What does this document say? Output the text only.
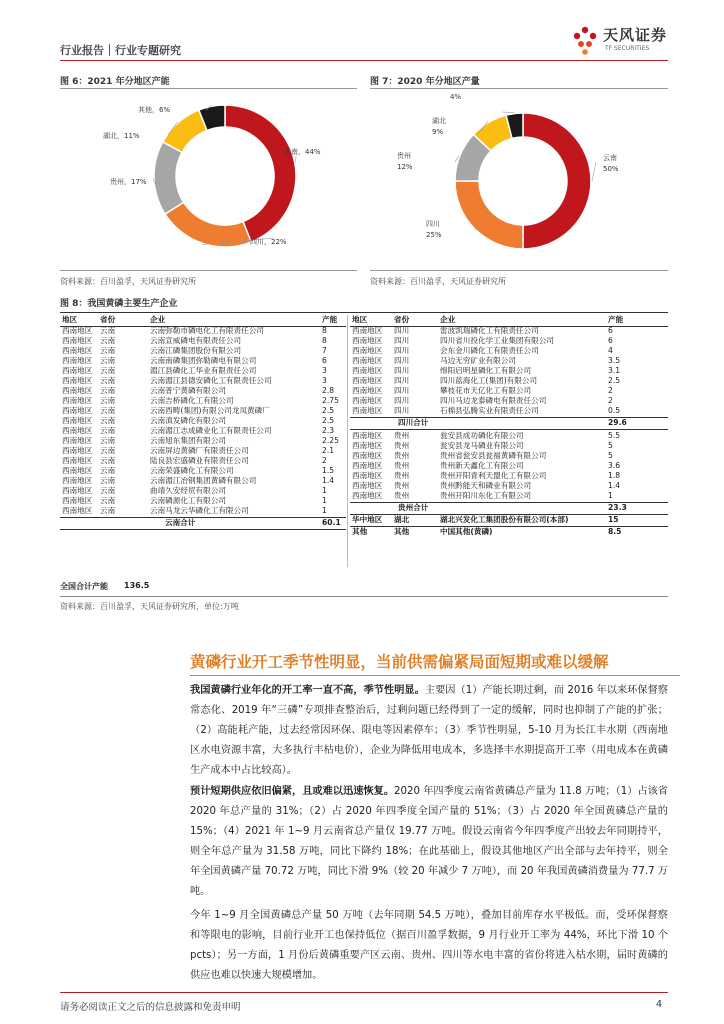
行业报告｜行业专题研究
天风证券
TF SECURITIES
图 6：2021 年分地区产能
云南，44%
四川，22%
贵州，17%
湖北，11%
其他，6%
资料来源：百川盈孚，天风证券研究所
图 7：2020 年分地区产量
云南
50%
四川
25%
贵州
12%
湖北
9%
4%
资料来源：百川盈孚，天风证券研究所
图 8：我国黄磷主要生产企业
地区	省份	企业	产能
西南地区 云南	云南弥勒市磷电化工有限责任公司	8
西南地区 云南	云南宣威磷电有限责任公司	8
西南地区 云南	云南江磷集团股份有限公司	7
西南地区 云南	云南南磷集团弥勒磷电有限公司	6
西南地区 云南	湄江县磷化工华业有限责任公司	3
西南地区 云南	云南湄江县德安磷化工有限责任公司	3
西南地区 云南	云南普宁黄磷有限公司	2.8
西南地区 云南	云南吉桥磷化工有限公司	2.75
西南地区 云南	云南西畴(集团)有限公司龙凤黄磷厂	2.5
西南地区 云南	云南滇发磷化有限公司	2.5
西南地区 云南	云南湄江志成磷业化工有限责任公司	2.3
西南地区 云南	云南旭东集团有限公司	2.25
西南地区 云南	云南屏边黄磷厂有限责任公司	2.1
西南地区 云南	陆良县宏盛磷业有限责任公司	2
西南地区 云南	云南荣盛磷化工有限公司	1.5
西南地区 云南	云南湄江冶钢集团黄磷有限公司	1.4
西南地区 云南	曲靖久安经贸有限公司	1
西南地区 云南	云南磷源化工有限公司	1
西南地区 云南	云南马龙云华磷化工有限公司	1
云南合计	60.1
地区	省份	企业	产能
西南地区 四川	雷波凯瑞磷化工有限责任公司	6
西南地区 四川	四川省川投化学工业集团有限公司	6
西南地区 四川	会东金川磷化工有限责任公司	4
西南地区 四川	马边无穷矿业有限公司	3.5
西南地区 四川	绵阳启明星磷化工有限公司	3.1
西南地区 四川	四川蓝海化工(集团)有限公司	2.5
西南地区 四川	攀枝花市天亿化工有限公司	2
西南地区 四川	四川马边龙泰磷电有限责任公司	2
西南地区 四川	石棉县弘腾实业有限责任公司	0.5
四川合计	29.6
西南地区 贵州	瓮安县成功磷化有限公司	5.5
西南地区 贵州	瓮安县龙马磷业有限公司	5
西南地区 贵州	贵州省瓮安县瓮福黄磷有限公司	5
西南地区 贵州	贵州新天鑫化工有限公司	3.6
西南地区 贵州	贵州开阳青利天盟化工有限公司	1.8
西南地区 贵州	贵州黔能天和磷业有限公司	1.4
西南地区 贵州	贵州开阳川东化工有限公司	1
贵州合计	23.3
华中地区 湖北	湖北兴发化工集团股份有限公司(本部)	15
其他	其他	中国其他(黄磷)	8.5
全国合计产能 136.5
资料来源：百川盈孚，天风证券研究所，单位:万吨
黄磷行业开工季节性明显，当前供需偏紧局面短期或难以缓解
我国黄磷行业年化的开工率一直不高，季节性明显。主要因（1）产能长期过剩，而 2016 年以来环保督察常态化、2019 年“三磷”专项排查整治后，过剩问题已经得到了一定的缓解，同时也抑制了产能的扩张；（2）高能耗产能，过去经常因环保、限电等因素停车；（3）季节性明显，5-10 月为长江丰水期（西南地区水电资源丰富，大多执行丰枯电价），企业为降低用电成本，多选择丰水期提高开工率（用电成本在黄磷生产成本中占比较高）。
预计短期供应依旧偏紧，且或难以迅速恢复。2020 年四季度云南省黄磷总产量为 11.8 万吨；（1）占该省 2020 年总产量的 31%；（2）占 2020 年四季度全国产量的 51%；（3）占 2020 年全国黄磷总产量的 15%；（4）2021 年 1~9 月云南省总产量仅 19.77 万吨。假设云南省今年四季度产出较去年同期持平，则全年总产量为 31.58 万吨，同比下降约 18%；在此基础上，假设其他地区产出全部与去年持平，则全年全国黄磷产量 70.72 万吨，同比下滑 9%（较 20 年减少 7 万吨），而 20 年我国黄磷消费量为 77.7 万吨。
今年 1~9 月全国黄磷总产量 50 万吨（去年同期 54.5 万吨），叠加目前库存水平极低。而，受环保督察和等限电的影响，目前行业开工也保持低位（据百川盈孚数据，9 月行业开工率为 44%，环比下滑 10 个 pcts）；另一方面，1 月份后黄磷重要产区云南、贵州、四川等水电丰富的省份将进入枯水期，届时黄磷的供应也难以快速大规模增加。
请务必阅读正文之后的信息披露和免责申明	4
